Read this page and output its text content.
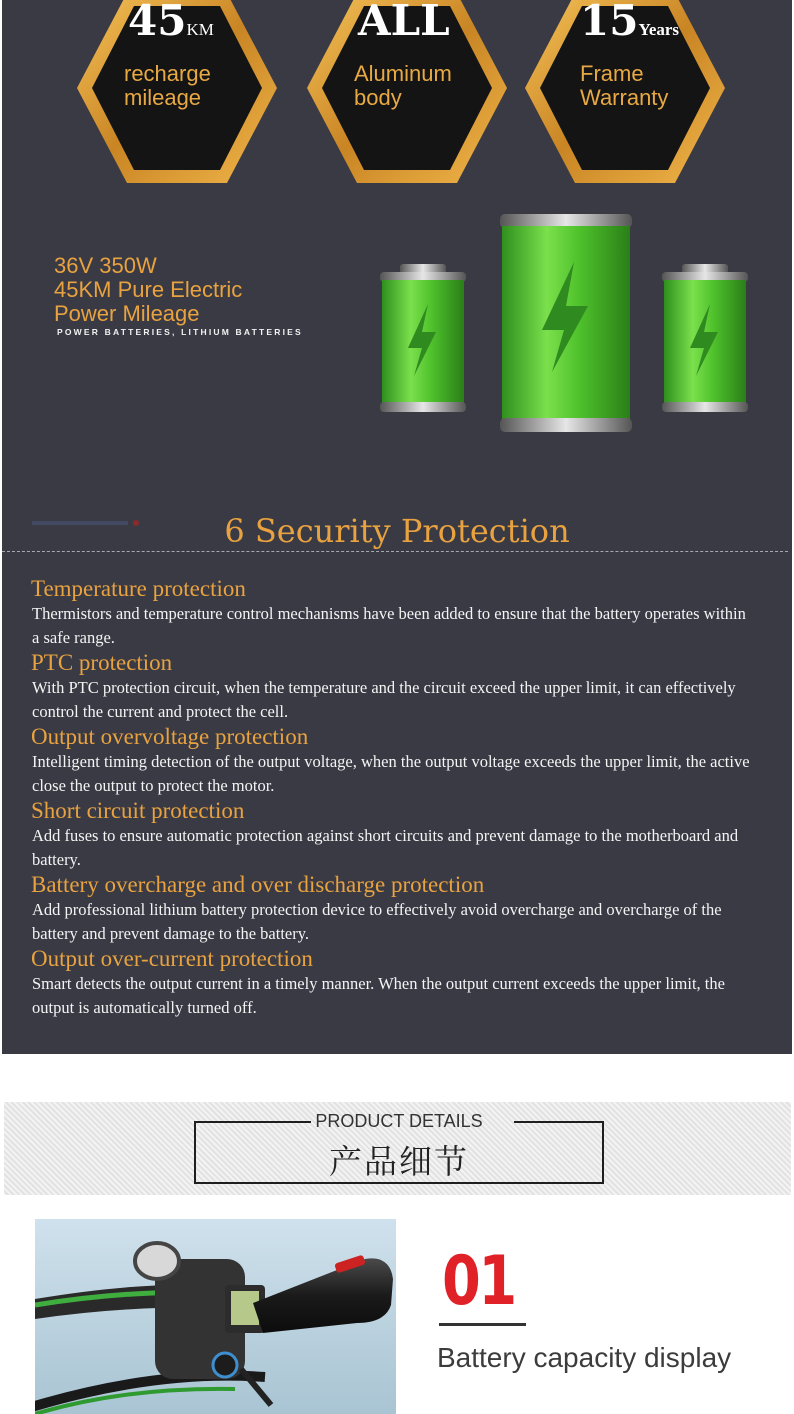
45KM
recharge
mileage
ALL
Aluminum
body
15Years
Frame
Warranty
36V 350W
45KM Pure Electric
Power Mileage
POWER BATTERIES, LITHIUM BATTERIES
6 Security Protection
Temperature protection
Thermistors and temperature control mechanisms have been added to ensure that the battery operates within a safe range.
PTC protection
With PTC protection circuit, when the temperature and the circuit exceed the upper limit, it can effectively control the current and protect the cell.
Output overvoltage protection
Intelligent timing detection of the output voltage, when the output voltage exceeds the upper limit, the active close the output to protect the motor.
Short circuit protection
Add fuses to ensure automatic protection against short circuits and prevent damage to the motherboard and battery.
Battery overcharge and over discharge protection
Add professional lithium battery protection device to effectively avoid overcharge and overcharge of the battery and prevent damage to the battery.
Output over-current protection
Smart detects the output current in a timely manner. When the output current exceeds the upper limit, the output is automatically turned off.
PRODUCT DETAILS
产品细节
01
Battery capacity display
